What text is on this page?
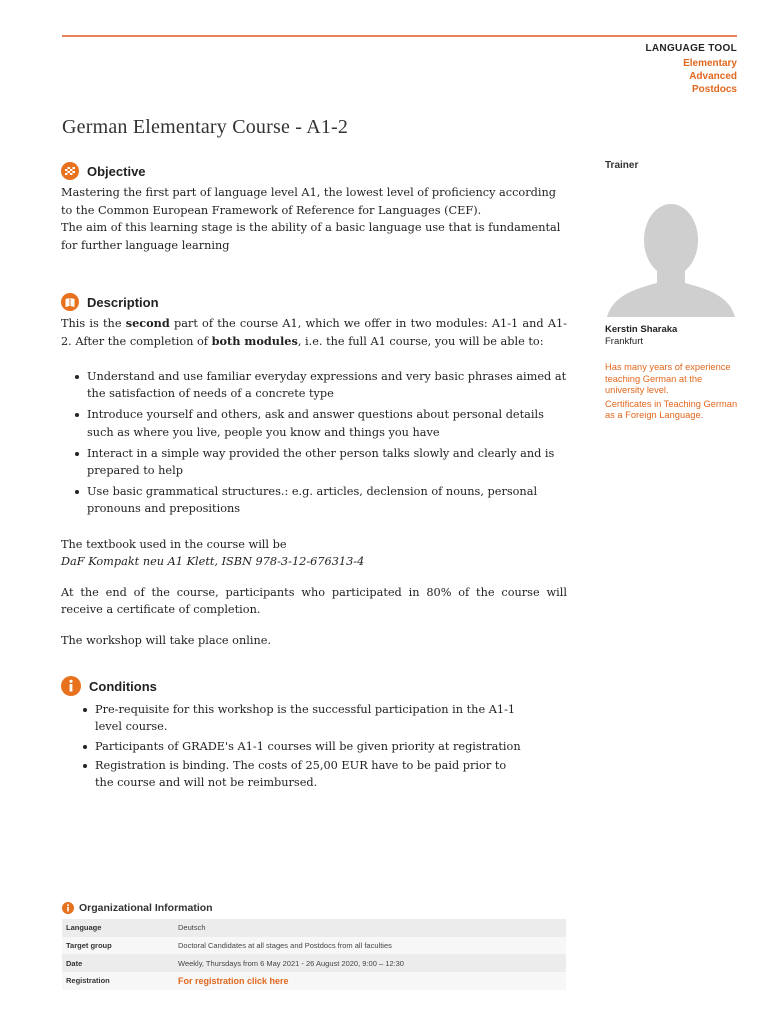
LANGUAGE TOOL
Elementary
Advanced
Postdocs
German Elementary Course - A1-2
Objective

Mastering the first part of language level A1, the lowest level of proficiency according to the Common European Framework of Reference for Languages (CEF).
The aim of this learning stage is the ability of a basic language use that is fundamental for further language learning

Description

This is the second part of the course A1, which we offer in two modules: A1-1 and A1-2. After the completion of both modules, i.e. the full A1 course, you will be able to:

Understand and use familiar everyday expressions and very basic phrases aimed at the satisfaction of needs of a concrete type
Introduce yourself and others, ask and answer questions about personal details such as where you live, people you know and things you have
Interact in a simple way provided the other person talks slowly and clearly and is prepared to help
Use basic grammatical structures.: e.g. articles, declension of nouns, personal pronouns and prepositions

The textbook used in the course will be
DaF Kompakt neu A1 Klett, ISBN 978-3-12-676313-4

At the end of the course, participants who participated in 80% of the course will receive a certificate of completion.

The workshop will take place online.

Conditions
Pre-requisite for this workshop is the successful participation in the A1-1 level course.
Participants of GRADE's A1-1 courses will be given priority at registration
Registration is binding. The costs of 25,00 EUR have to be paid prior to the course and will not be reimbursed.
Organizational Information
Language	Deutsch
Target group	Doctoral Candidates at all stages and Postdocs from all faculties
Date	Weekly, Thursdays from 6 May 2021 - 26 August 2020, 9:00 – 12:30
Registration	For registration click here
Trainer
Kerstin Sharaka
Frankfurt
Has many years of experience teaching German at the university level.
Certificates in Teaching German as a Foreign Language.
